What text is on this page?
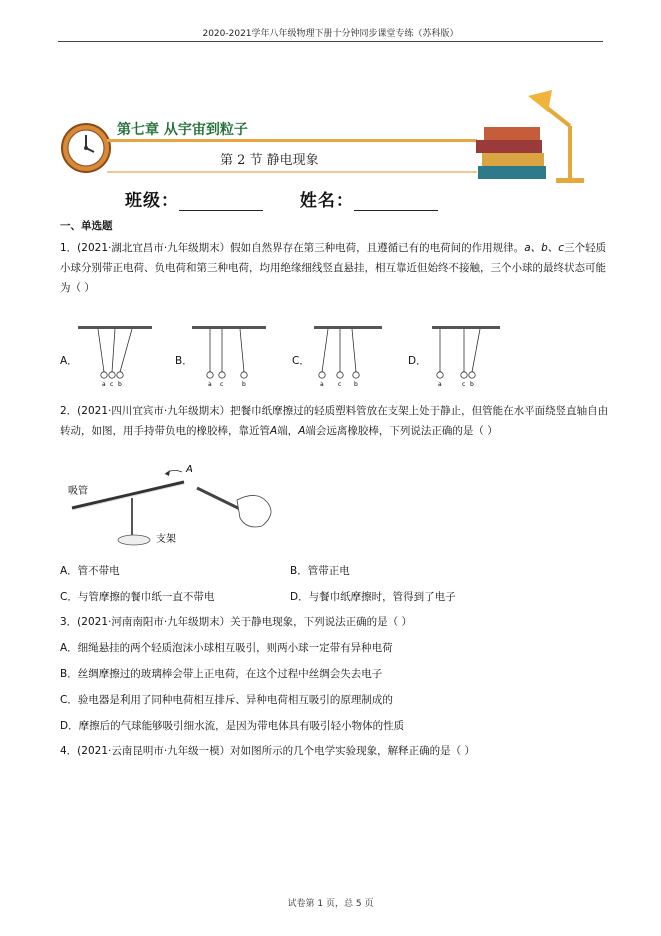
2020-2021学年八年级物理下册十分钟同步课堂专练（苏科版）
第七章 从宇宙到粒子
第 2 节 静电现象
班级：	姓名：
一、单选题
1．(2021·湖北宜昌市·九年级期末）假如自然界存在第三种电荷，且遵循已有的电荷间的作用规律。a、b、c三个轻质小球分别带正电荷、负电荷和第三种电荷，均用绝缘细线竖直悬挂，相互靠近但始终不接触，三个小球的最终状态可能为（ ）
A．	B．	C．	D．
a c b	a c	b	a c b	a	c b
2．(2021·四川宜宾市·九年级期末）把餐巾纸摩擦过的轻质塑料管放在支架上处于静止，但管能在水平面绕竖直轴自由转动，如图，用手持带负电的橡胶棒，靠近管A端，A端会远离橡胶棒，下列说法正确的是（ ）
吸管
A
支架
A．管不带电	B．管带正电
C．与管摩擦的餐巾纸一直不带电	D．与餐巾纸摩擦时，管得到了电子
3．(2021·河南南阳市·九年级期末）关于静电现象，下列说法正确的是（ ）
A．细绳悬挂的两个轻质泡沫小球相互吸引，则两小球一定带有异种电荷
B．丝绸摩擦过的玻璃棒会带上正电荷，在这个过程中丝绸会失去电子
C．验电器是利用了同种电荷相互排斥、异种电荷相互吸引的原理制成的
D．摩擦后的气球能够吸引细水流，是因为带电体具有吸引轻小物体的性质
4．(2021·云南昆明市·九年级一模）对如图所示的几个电学实验现象，解释正确的是（ ）
试卷第 1 页，总 5 页
